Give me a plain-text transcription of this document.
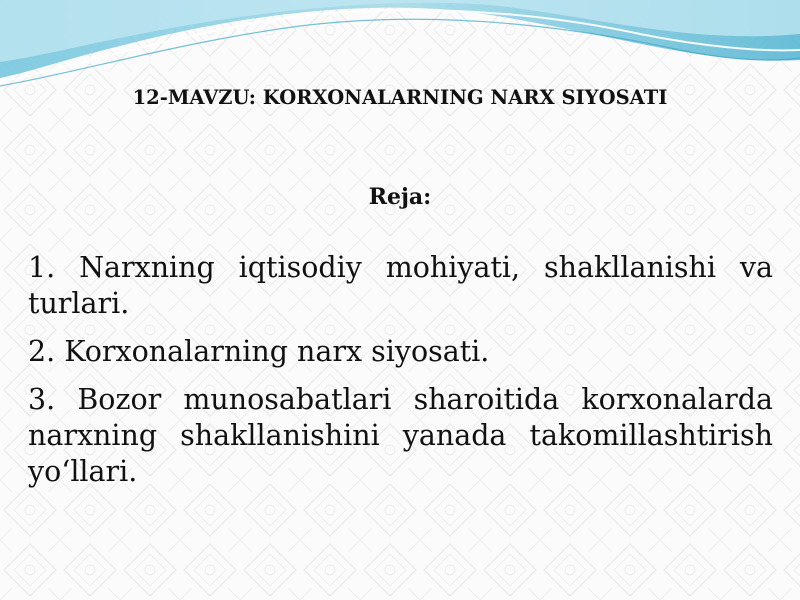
12-MAVZU: KORXONALARNING NARX SIYOSATI
Reja:
1. Narxning iqtisodiy mohiyati, shakllanishi va turlari.
2. Korxonalarning narx siyosati.
3. Bozor munosabatlari sharoitida korxonalarda narxning shakllanishini yanada takomillashtirish yo‘llari.
